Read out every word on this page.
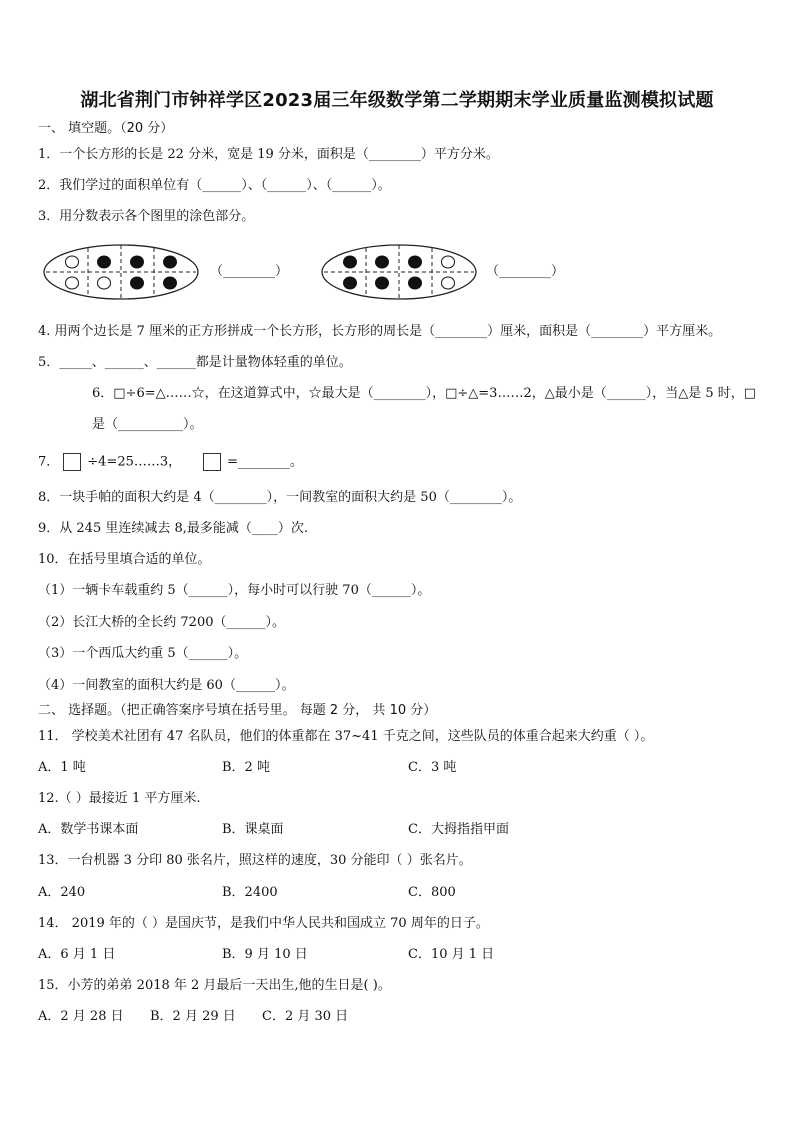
湖北省荆门市钟祥学区2023届三年级数学第二学期期末学业质量监测模拟试题
一、 填空题。（20 分）
1．一个长方形的长是 22 分米，宽是 19 分米，面积是（________）平方分米。
2．我们学过的面积单位有（______）、（______）、（______）。
3．用分数表示各个图里的涂色部分。
（________）	（________）
4. 用两个边长是 7 厘米的正方形拼成一个长方形，长方形的周长是（________）厘米，面积是（________）平方厘米。
5．_____、______、______都是计量物体轻重的单位。
6．□÷6=△……☆，在这道算式中，☆最大是（________），□÷△=3……2，△最小是（______），当△是 5 时，□
是（__________）。
7． ÷4=25……3，	=________。
8．一块手帕的面积大约是 4（________），一间教室的面积大约是 50（________）。
9．从 245 里连续减去 8,最多能减（____）次.
10．在括号里填合适的单位。
（1）一辆卡车载重约 5（______），每小时可以行驶 70（______）。
（2）长江大桥的全长约 7200（______）。
（3）一个西瓜大约重 5（______）。
（4）一间教室的面积大约是 60（______）。
二、 选择题。（把正确答案序号填在括号里。 每题 2 分， 共 10 分）
11． 学校美术社团有 47 名队员，他们的体重都在 37~41 千克之间，这些队员的体重合起来大约重（ ）。
A．1 吨	B．2 吨	C．3 吨
12.（ ）最接近 1 平方厘米.
A．数学书课本面	B．课桌面	C．大拇指指甲面
13．一台机器 3 分印 80 张名片，照这样的速度，30 分能印（ ）张名片。
A．240	B．2400	C．800
14． 2019 年的（ ）是国庆节，是我们中华人民共和国成立 70 周年的日子。
A．6 月 1 日	B．9 月 10 日	C．10 月 1 日
15．小芳的弟弟 2018 年 2 月最后一天出生,他的生日是( )。
A．2 月 28 日 B．2 月 29 日 C．2 月 30 日
